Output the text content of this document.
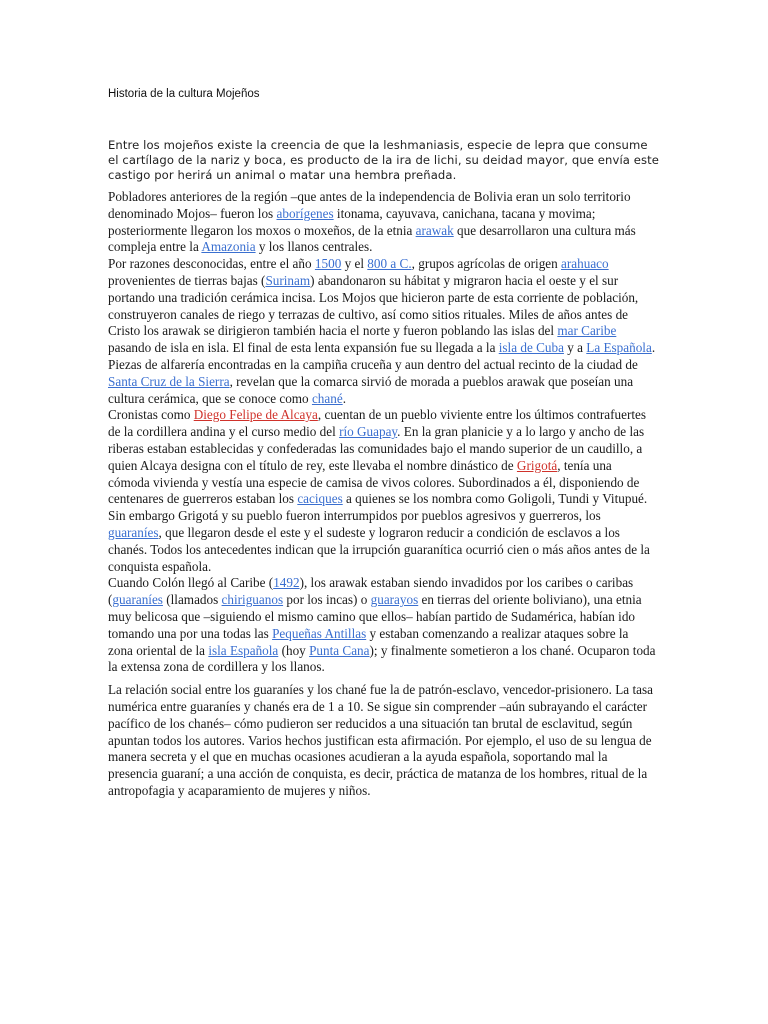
Historia de la cultura Mojeños
Entre los mojeños existe la creencia de que la leshmaniasis, especie de lepra que consume el cartílago de la nariz y boca, es producto de la ira de lichi, su deidad mayor, que envía este castigo por herirá un animal o matar una hembra preñada.

Pobladores anteriores de la región –que antes de la independencia de Bolivia eran un solo territorio denominado Mojos– fueron los aborígenes itonama, cayuvava, canichana, tacana y movima; posteriormente llegaron los moxos o moxeños, de la etnia arawak que desarrollaron una cultura más compleja entre la Amazonia y los llanos centrales.

Por razones desconocidas, entre el año 1500 y el 800 a C., grupos agrícolas de origen arahuaco provenientes de tierras bajas (Surinam) abandonaron su hábitat y migraron hacia el oeste y el sur portando una tradición cerámica incisa. Los Mojos que hicieron parte de esta corriente de población, construyeron canales de riego y terrazas de cultivo, así como sitios rituales. Miles de años antes de Cristo los arawak se dirigieron también hacia el norte y fueron poblando las islas del mar Caribe pasando de isla en isla. El final de esta lenta expansión fue su llegada a la isla de Cuba y a La Española.

Piezas de alfarería encontradas en la campiña cruceña y aun dentro del actual recinto de la ciudad de Santa Cruz de la Sierra, revelan que la comarca sirvió de morada a pueblos arawak que poseían una cultura cerámica, que se conoce como chané.

Cronistas como Diego Felipe de Alcaya, cuentan de un pueblo viviente entre los últimos contrafuertes de la cordillera andina y el curso medio del río Guapay. En la gran planicie y a lo largo y ancho de las riberas estaban establecidas y confederadas las comunidades bajo el mando superior de un caudillo, a quien Alcaya designa con el título de rey, este llevaba el nombre dinástico de Grigotá, tenía una cómoda vivienda y vestía una especie de camisa de vivos colores. Subordinados a él, disponiendo de centenares de guerreros estaban los caciques a quienes se los nombra como Goligoli, Tundi y Vitupué.

Sin embargo Grigotá y su pueblo fueron interrumpidos por pueblos agresivos y guerreros, los guaraníes, que llegaron desde el este y el sudeste y lograron reducir a condición de esclavos a los chanés. Todos los antecedentes indican que la irrupción guaranítica ocurrió cien o más años antes de la conquista española.

Cuando Colón llegó al Caribe (1492), los arawak estaban siendo invadidos por los caribes o caribas (guaraníes (llamados chiriguanos por los incas) o guarayos en tierras del oriente boliviano), una etnia muy belicosa que –siguiendo el mismo camino que ellos– habían partido de Sudamérica, habían ido tomando una por una todas las Pequeñas Antillas y estaban comenzando a realizar ataques sobre la zona oriental de la isla Española (hoy Punta Cana); y finalmente sometieron a los chané. Ocuparon toda la extensa zona de cordillera y los llanos.

La relación social entre los guaraníes y los chané fue la de patrón-esclavo, vencedor-prisionero. La tasa numérica entre guaraníes y chanés era de 1 a 10. Se sigue sin comprender –aún subrayando el carácter pacífico de los chanés– cómo pudieron ser reducidos a una situación tan brutal de esclavitud, según apuntan todos los autores. Varios hechos justifican esta afirmación. Por ejemplo, el uso de su lengua de manera secreta y el que en muchas ocasiones acudieran a la ayuda española, soportando mal la presencia guaraní; a una acción de conquista, es decir, práctica de matanza de los hombres, ritual de la antropofagia y acaparamiento de mujeres y niños.
